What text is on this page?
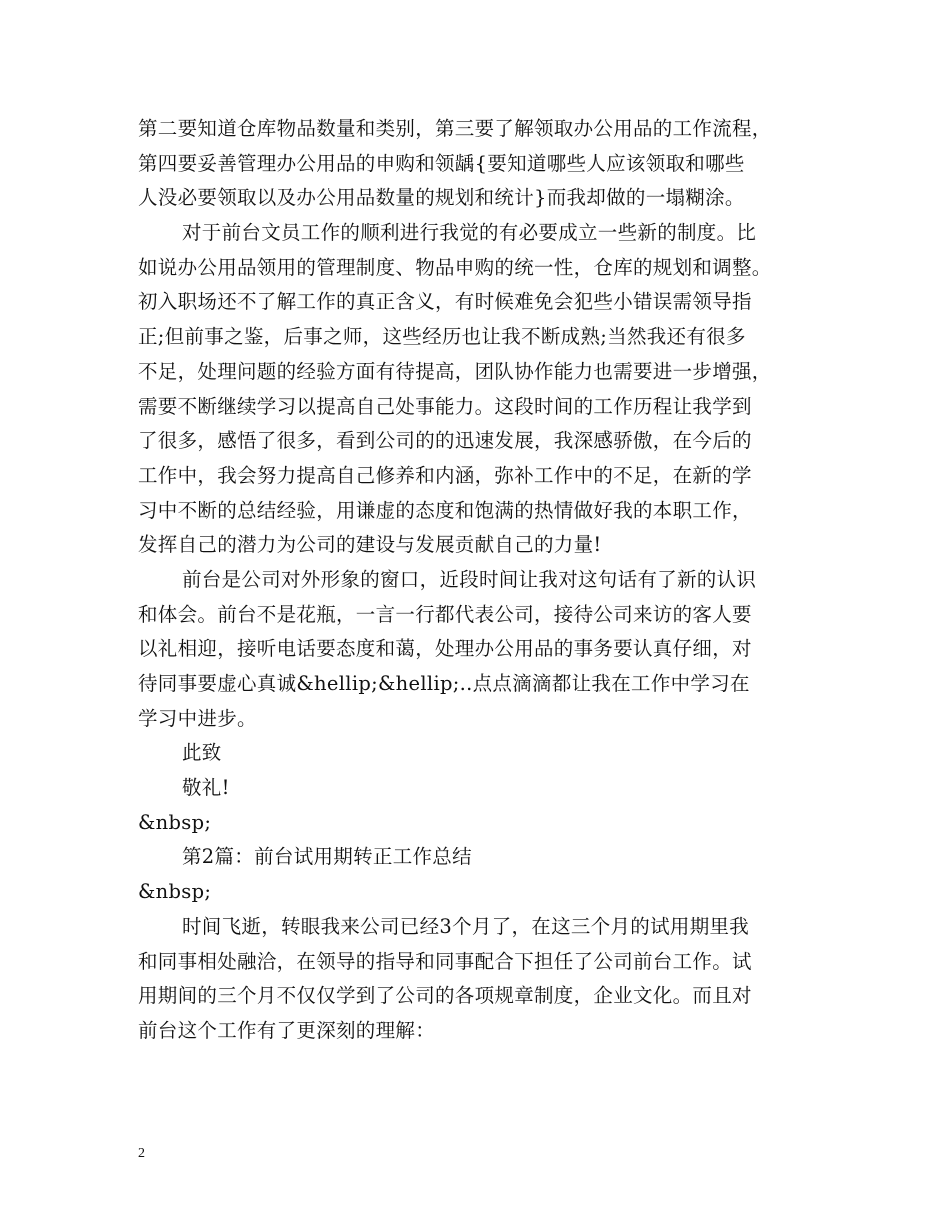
第二要知道仓库物品数量和类别，第三要了解领取办公用品的工作流程，
第四要妥善管理办公用品的申购和领龋{要知道哪些人应该领取和哪些
人没必要领取以及办公用品数量的规划和统计}而我却做的一塌糊涂。
对于前台文员工作的顺利进行我觉的有必要成立一些新的制度。比
如说办公用品领用的管理制度、物品申购的统一性，仓库的规划和调整。
初入职场还不了解工作的真正含义，有时候难免会犯些小错误需领导指
正;但前事之鉴，后事之师，这些经历也让我不断成熟;当然我还有很多
不足，处理问题的经验方面有待提高，团队协作能力也需要进一步增强，
需要不断继续学习以提高自己处事能力。这段时间的工作历程让我学到
了很多，感悟了很多，看到公司的的迅速发展，我深感骄傲，在今后的
工作中，我会努力提高自己修养和内涵，弥补工作中的不足，在新的学
习中不断的总结经验，用谦虚的态度和饱满的热情做好我的本职工作，
发挥自己的潜力为公司的建设与发展贡献自己的力量!
前台是公司对外形象的窗口，近段时间让我对这句话有了新的认识
和体会。前台不是花瓶，一言一行都代表公司，接待公司来访的客人要
以礼相迎，接听电话要态度和蔼，处理办公用品的事务要认真仔细，对
待同事要虚心真诚&hellip;&hellip;..点点滴滴都让我在工作中学习在
学习中进步。
此致
敬礼!
&nbsp;
第2篇：前台试用期转正工作总结
&nbsp;
时间飞逝，转眼我来公司已经3个月了，在这三个月的试用期里我
和同事相处融洽，在领导的指导和同事配合下担任了公司前台工作。试
用期间的三个月不仅仅学到了公司的各项规章制度，企业文化。而且对
前台这个工作有了更深刻的理解：
2
